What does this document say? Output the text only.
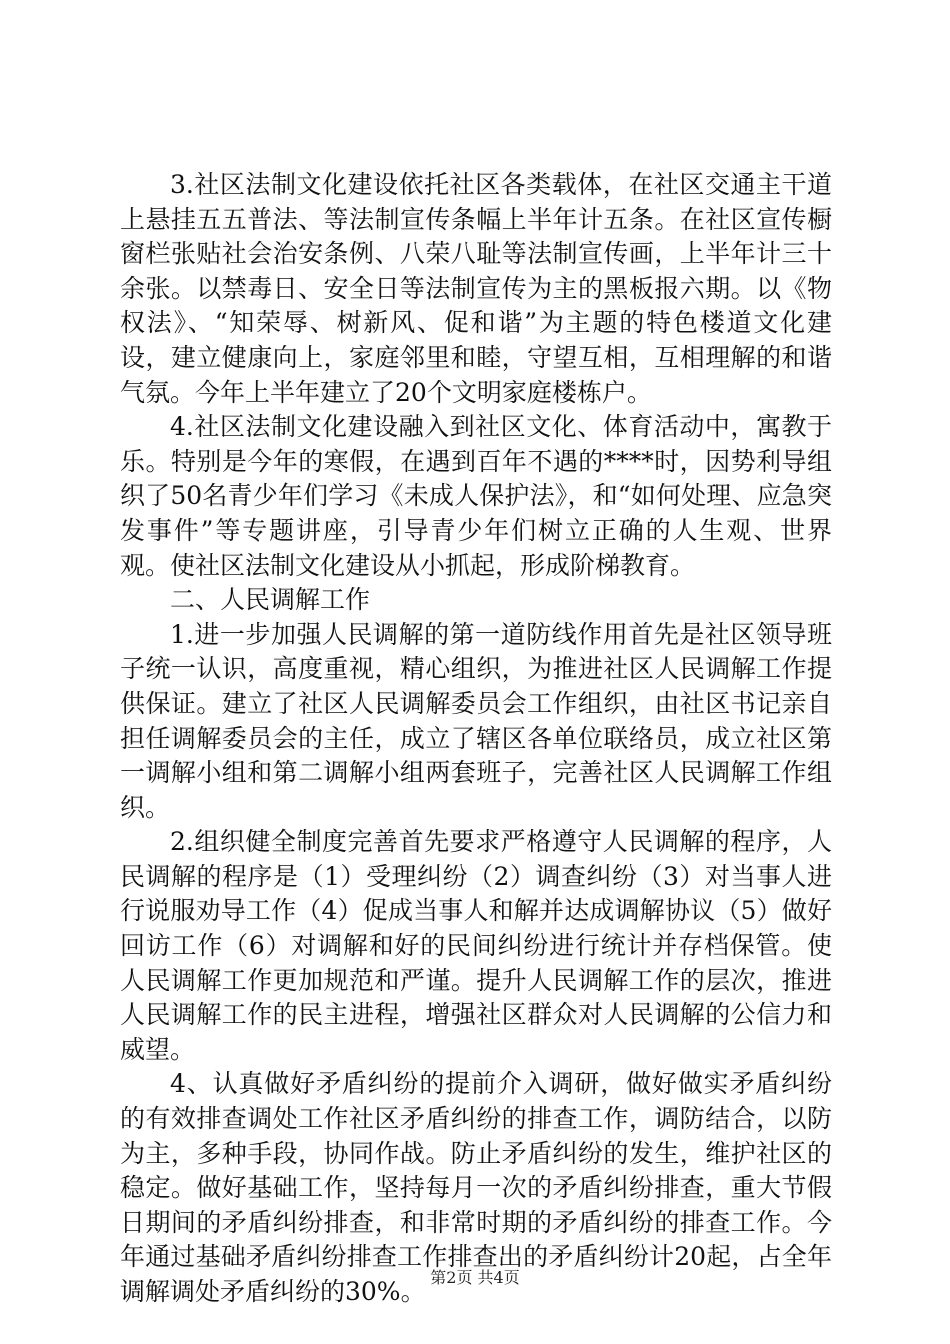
3.社区法制文化建设依托社区各类载体，在社区交通主干道上悬挂五五普法、等法制宣传条幅上半年计五条。在社区宣传橱窗栏张贴社会治安条例、八荣八耻等法制宣传画，上半年计三十余张。以禁毒日、安全日等法制宣传为主的黑板报六期。以《物权法》、“知荣辱、树新风、促和谐”为主题的特色楼道文化建设，建立健康向上，家庭邻里和睦，守望互相，互相理解的和谐气氛。今年上半年建立了20个文明家庭楼栋户。

4.社区法制文化建设融入到社区文化、体育活动中，寓教于乐。特别是今年的寒假，在遇到百年不遇的****时，因势利导组织了50名青少年们学习《未成人保护法》，和“如何处理、应急突发事件”等专题讲座，引导青少年们树立正确的人生观、世界观。使社区法制文化建设从小抓起，形成阶梯教育。

二、人民调解工作

1.进一步加强人民调解的第一道防线作用首先是社区领导班子统一认识，高度重视，精心组织，为推进社区人民调解工作提供保证。建立了社区人民调解委员会工作组织，由社区书记亲自担任调解委员会的主任，成立了辖区各单位联络员，成立社区第一调解小组和第二调解小组两套班子，完善社区人民调解工作组织。

2.组织健全制度完善首先要求严格遵守人民调解的程序，人民调解的程序是（1）受理纠纷（2）调查纠纷（3）对当事人进行说服劝导工作（4）促成当事人和解并达成调解协议（5）做好回访工作（6）对调解和好的民间纠纷进行统计并存档保管。使人民调解工作更加规范和严谨。提升人民调解工作的层次，推进人民调解工作的民主进程，增强社区群众对人民调解的公信力和威望。

4、认真做好矛盾纠纷的提前介入调研，做好做实矛盾纠纷的有效排查调处工作社区矛盾纠纷的排查工作，调防结合，以防为主，多种手段，协同作战。防止矛盾纠纷的发生，维护社区的稳定。做好基础工作，坚持每月一次的矛盾纠纷排查，重大节假日期间的矛盾纠纷排查，和非常时期的矛盾纠纷的排查工作。今年通过基础矛盾纠纷排查工作排查出的矛盾纠纷计20起，占全年调解调处矛盾纠纷的30%。 第2页 共4页
